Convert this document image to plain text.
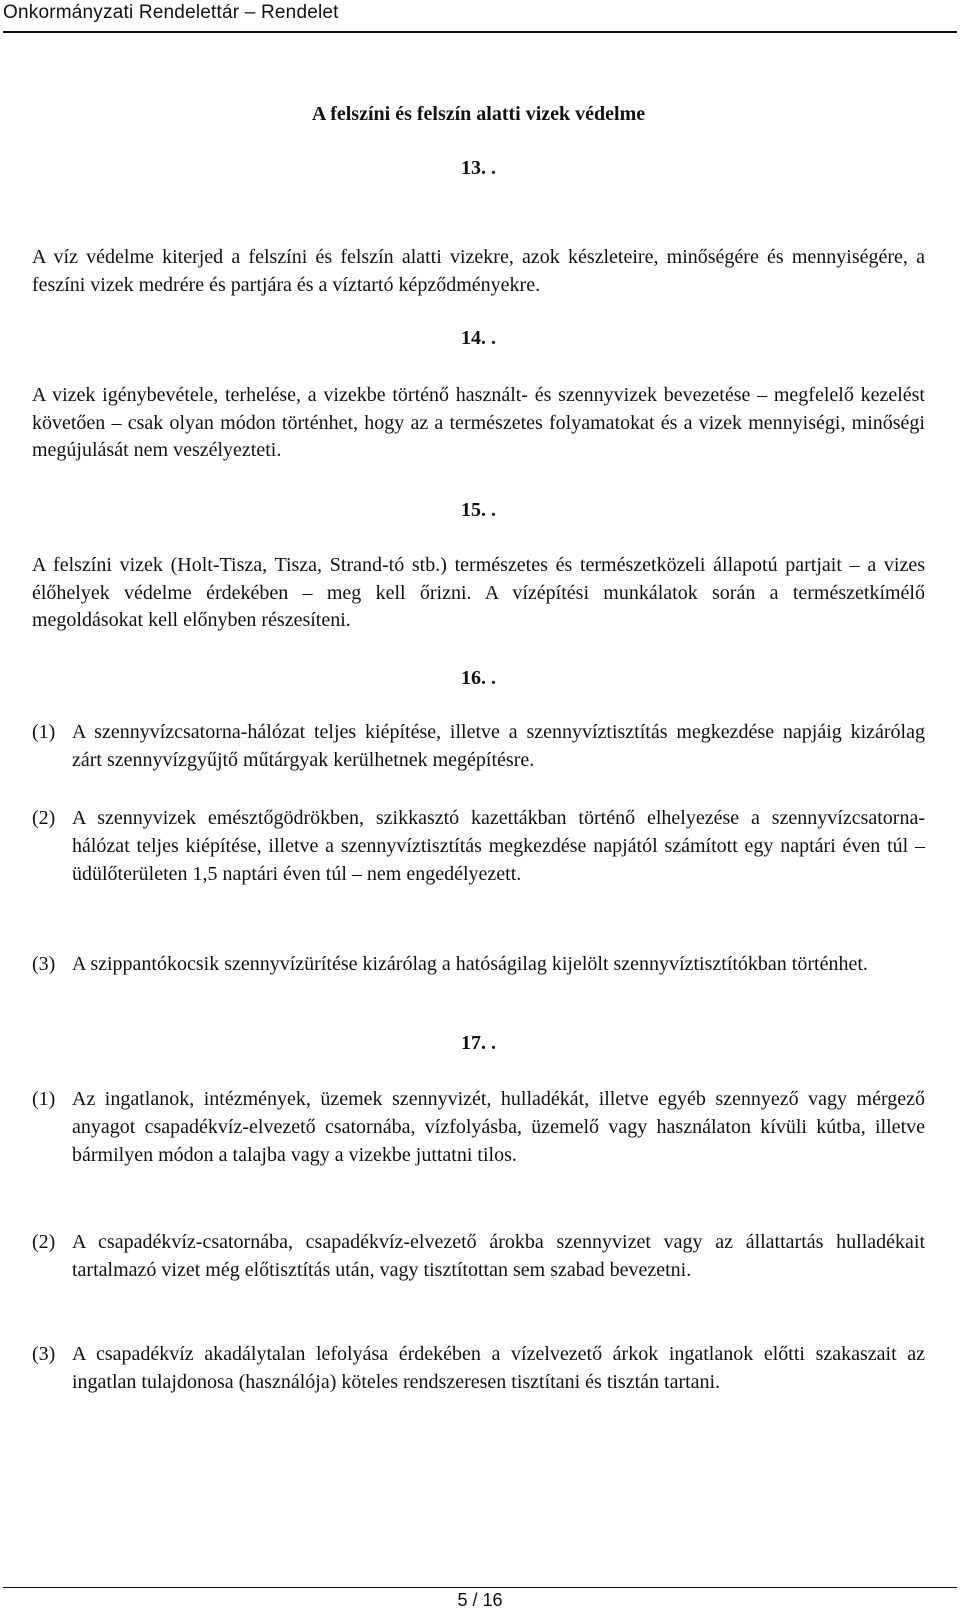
Onkormányzati Rendelettár – Rendelet
A felszíni és felszín alatti vizek védelme
13. .
A víz védelme kiterjed a felszíni és felszín alatti vizekre, azok készleteire, minőségére és mennyiségére, a feszíni vizek medrére és partjára és a víztartó képződményekre.
14. .
A vizek igénybevétele, terhelése, a vizekbe történő használt- és szennyvizek bevezetése – megfelelő kezelést követően – csak olyan módon történhet, hogy az a természetes folyamatokat és a vizek mennyiségi, minőségi megújulását nem veszélyezteti.
15. .
A felszíni vizek (Holt-Tisza, Tisza, Strand-tó stb.) természetes és természetközeli állapotú partjait – a vizes élőhelyek védelme érdekében – meg kell őrizni. A vízépítési munkálatok során a természetkímélő megoldásokat kell előnyben részesíteni.
16. .
(1) A szennyvízcsatorna-hálózat teljes kiépítése, illetve a szennyvíztisztítás megkezdése napjáig kizárólag zárt szennyvízgyűjtő műtárgyak kerülhetnek megépítésre.
(2) A szennyvizek emésztőgödrökben, szikkasztó kazettákban történő elhelyezése a szennyvízcsatorna-hálózat teljes kiépítése, illetve a szennyvíztisztítás megkezdése napjától számított egy naptári éven túl – üdülőterületen 1,5 naptári éven túl – nem engedélyezett.
(3) A szippantókocsik szennyvízürítése kizárólag a hatóságilag kijelölt szennyvíztisztítókban történhet.
17. .
(1) Az ingatlanok, intézmények, üzemek szennyvizét, hulladékát, illetve egyéb szennyező vagy mérgező anyagot csapadékvíz-elvezető csatornába, vízfolyásba, üzemelő vagy használaton kívüli kútba, illetve bármilyen módon a talajba vagy a vizekbe juttatni tilos.
(2) A csapadékvíz-csatornába, csapadékvíz-elvezető árokba szennyvizet vagy az állattartás hulladékait tartalmazó vizet még előtisztítás után, vagy tisztítottan sem szabad bevezetni.
(3) A csapadékvíz akadálytalan lefolyása érdekében a vízelvezető árkok ingatlanok előtti szakaszait az ingatlan tulajdonosa (használója) köteles rendszeresen tisztítani és tisztán tartani.
5 / 16
